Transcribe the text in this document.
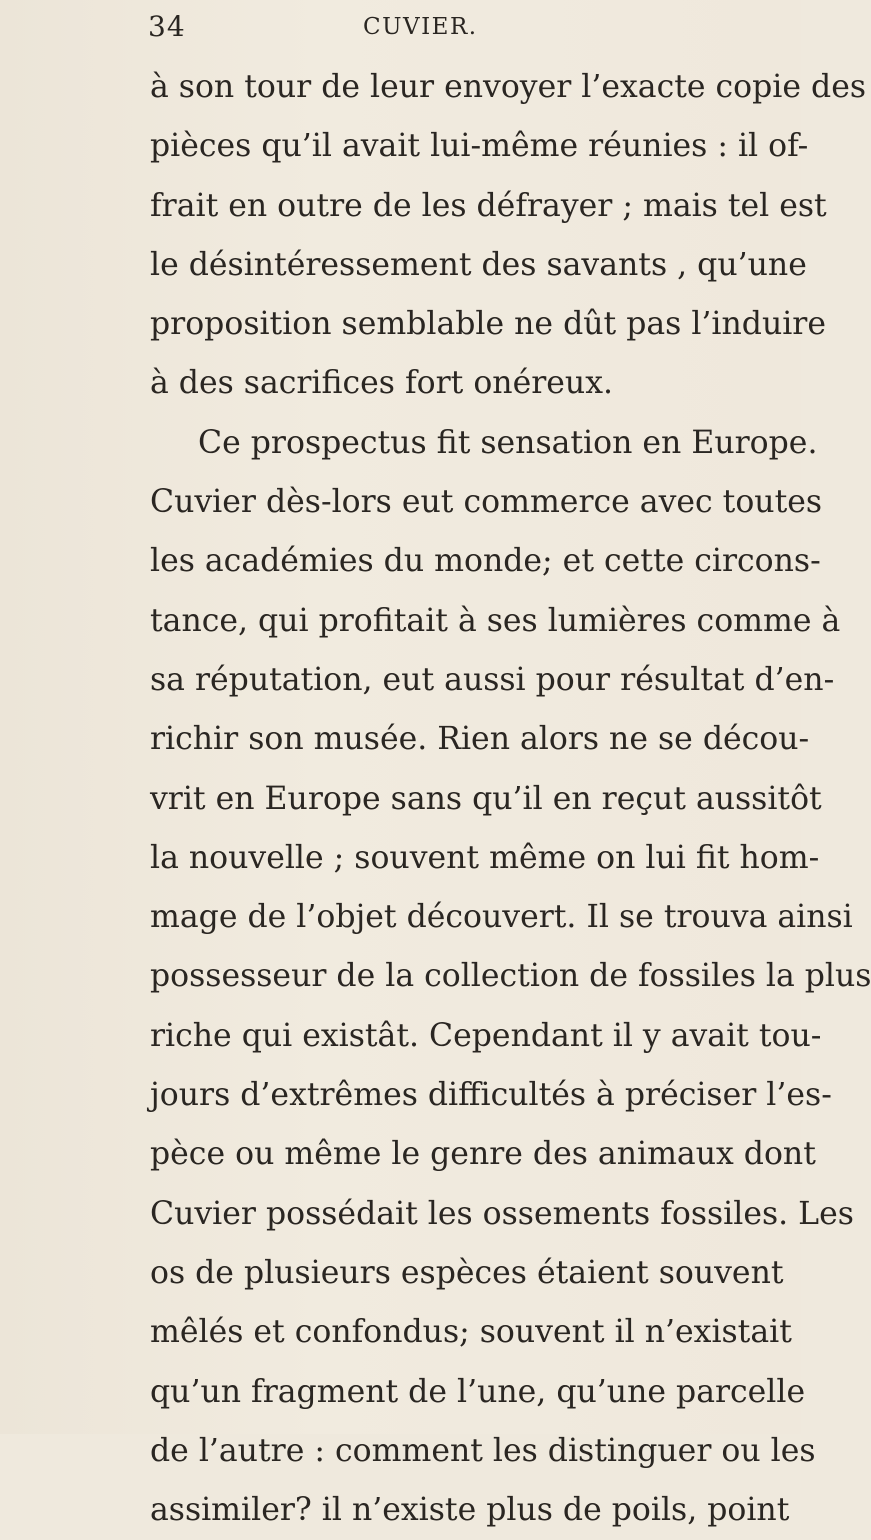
34	CUVIER.
à son tour de leur envoyer l’exacte copie des
pièces qu’il avait lui-même réunies : il of-
frait en outre de les défrayer ; mais tel est
le désintéressement des savants , qu’une
proposition semblable ne dût pas l’induire
à des sacrifices fort onéreux.
Ce prospectus fit sensation en Europe.
Cuvier dès-lors eut commerce avec toutes
les académies du monde; et cette circons-
tance, qui profitait à ses lumières comme à
sa réputation, eut aussi pour résultat d’en-
richir son musée. Rien alors ne se décou-
vrit en Europe sans qu’il en reçut aussitôt
la nouvelle ; souvent même on lui fit hom-
mage de l’objet découvert. Il se trouva ainsi
possesseur de la collection de fossiles la plus
riche qui existât. Cependant il y avait tou-
jours d’extrêmes difficultés à préciser l’es-
pèce ou même le genre des animaux dont
Cuvier possédait les ossements fossiles. Les
os de plusieurs espèces étaient souvent
mêlés et confondus; souvent il n’existait
qu’un fragment de l’une, qu’une parcelle
de l’autre : comment les distinguer ou les
assimiler? il n’existe plus de poils, point
